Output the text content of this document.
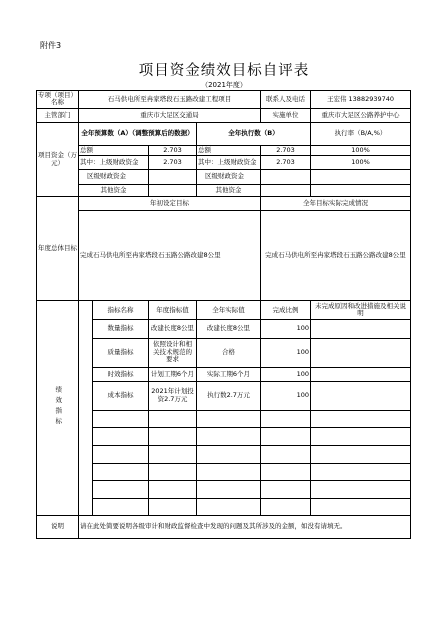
附件3
项目资金绩效目标自评表
（2021年度）
专项（项目）名称	石马供电所至冉家塔段石玉路改建工程项目				联系人及电话	王宏伟 13882939740
主管部门	重庆市大足区交通局				实施单位	重庆市大足区公路养护中心
项目资金（万元）	全年预算数（A）（调整预算后的数据）			全年执行数（B）		执行率（B/A,%）
	总额		2.703	总额	2.703	100%
	其中：上级财政资金		2.703	其中：上级财政资金	2.703	100%
	区级财政资金			区级财政资金		
	其他资金			其他资金		
年度总体目标	年初设定目标				全年目标实际完成情况	
	完成石马供电所至冉家塔段石玉路公路改建8公里				完成石马供电所至冉家塔段石玉路公路改建8公里	
绩效指标		指标名称	年度指标值	全年实际值	完成比例	未完成原因和改进措施及相关说明
		数量指标	改建长度8公里	改建长度8公里	100	
		质量指标	依照设计和相关技术规范的要求	合格	100	
		时效指标	计划工期6个月	实际工期6个月	100	
		成本指标	2021年计划投资2.7万元	执行数2.7万元	100	

说明	请在此处简要说明各级审计和财政监督检查中发现的问题及其所涉及的金额，如没有请填无。					
